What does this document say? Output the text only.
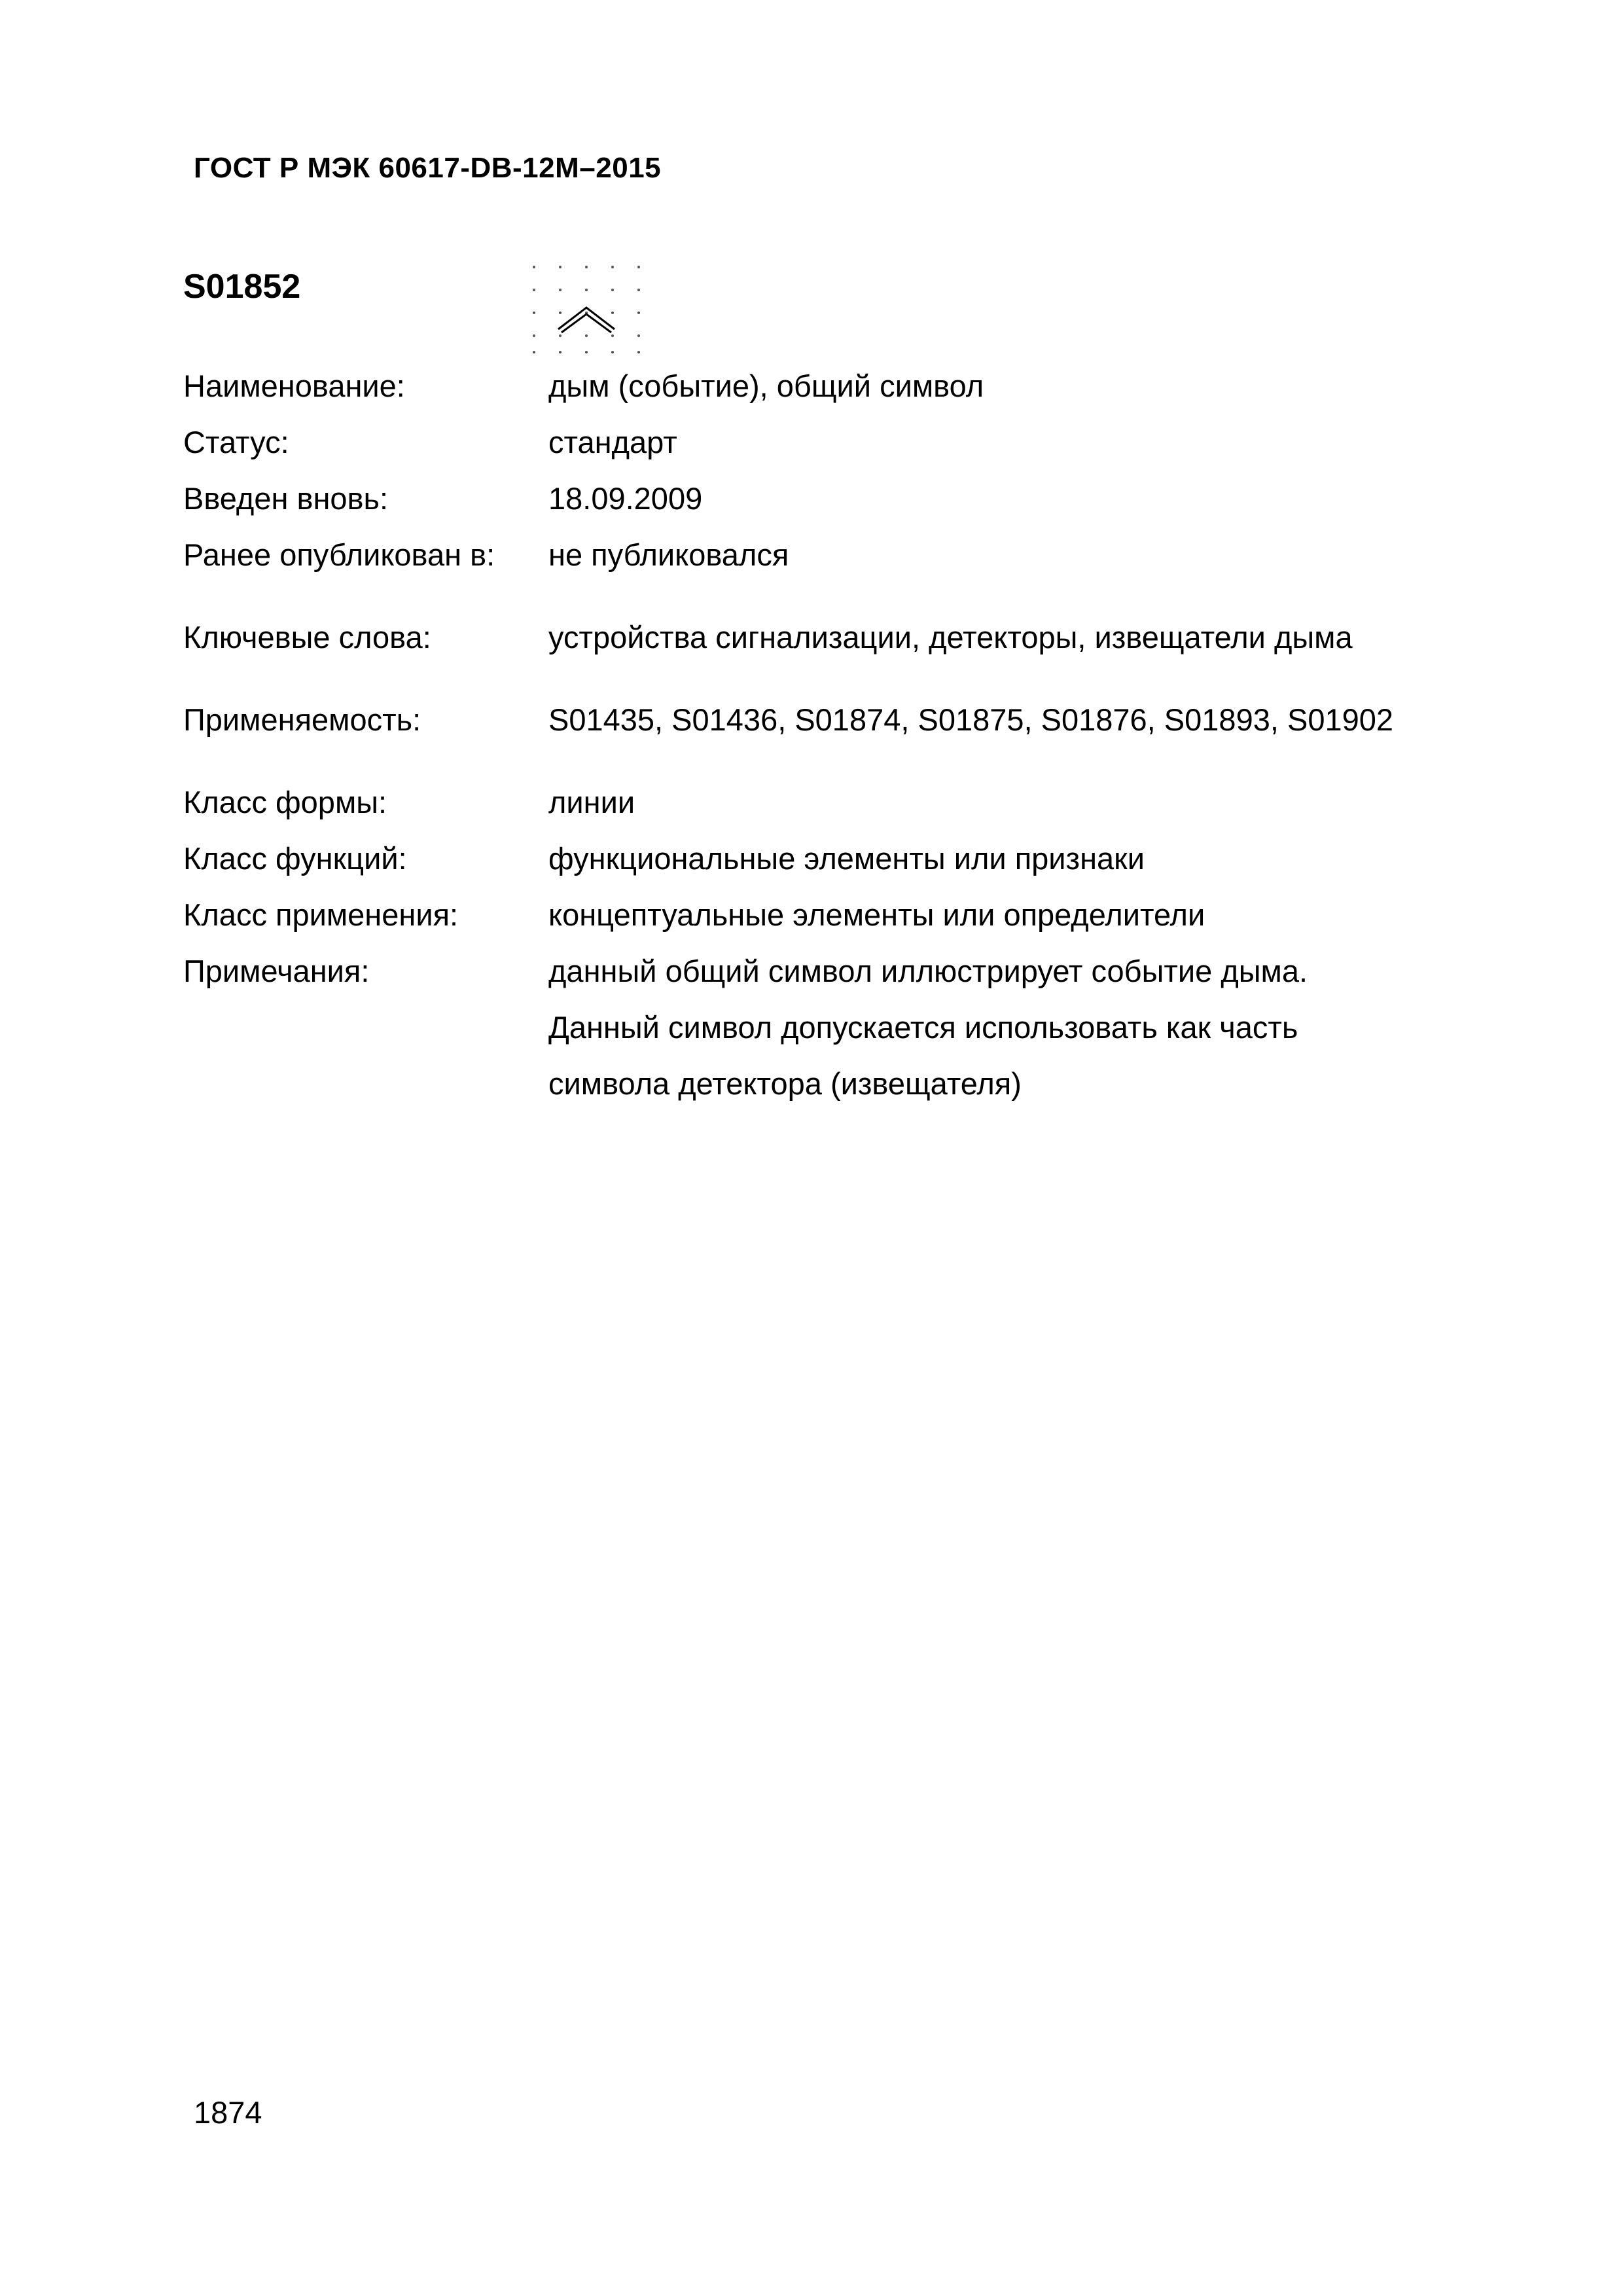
ГОСТ Р МЭК 60617-DB-12M–2015
S01852
Наименование:	дым (событие), общий символ
Статус:	стандарт
Введен вновь:	18.09.2009
Ранее опубликован в: не публиковался
Ключевые слова:	устройства сигнализации, детекторы, извещатели дыма
Применяемость:	S01435, S01436, S01874, S01875, S01876, S01893, S01902
Класс формы:	линии
Класс функций:	функциональные элементы или признаки
Класс применения:	концептуальные элементы или определители
Примечания:	данный общий символ иллюстрирует событие дыма.
Данный символ допускается использовать как часть
символа детектора (извещателя)
1874
